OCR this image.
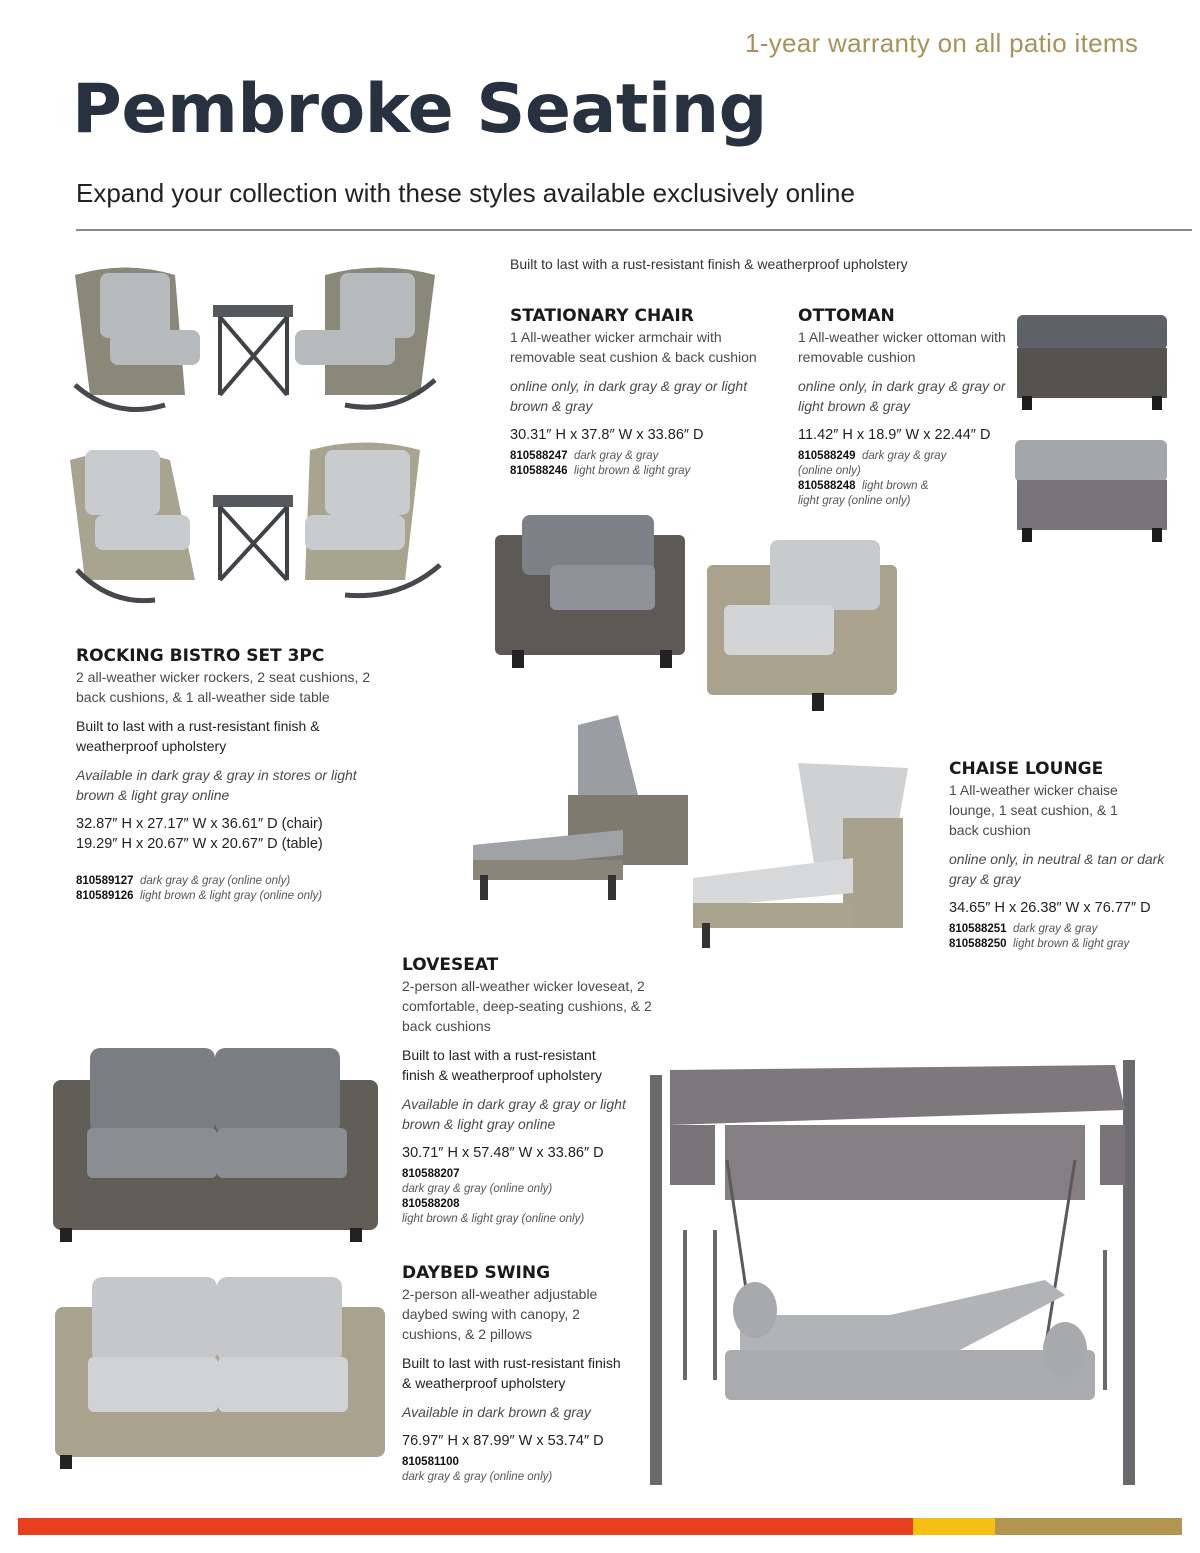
1-year warranty on all patio items
Pembroke Seating
Expand your collection with these styles available exclusively online
Built to last with a rust-resistant finish & weatherproof upholstery
ROCKING BISTRO SET 3PC

2 all-weather wicker rockers, 2 seat cushions, 2 back cushions, & 1 all-weather side table

Built to last with a rust-resistant finish & weatherproof upholstery

Available in dark gray & gray in stores or light brown & light gray online

32.87″ H x 27.17″ W x 36.61″ D (chair)

19.29″ H x 20.67″ W x 20.67″ D (table)

810589127 dark gray & gray (online only)
810589126 light brown & light gray (online only)
STATIONARY CHAIR

1 All-weather wicker armchair with removable seat cushion & back cushion

online only, in dark gray & gray or light brown & gray

30.31″ H x 37.8″ W x 33.86″ D

810588247 dark gray & gray
810588246 light brown & light gray
OTTOMAN

1 All-weather wicker ottoman with removable cushion

online only, in dark gray & gray or light brown & gray

11.42″ H x 18.9″ W x 22.44″ D

810588249 dark gray & gray (online only)
810588248 light brown & light gray (online only)
CHAISE LOUNGE

1 All-weather wicker chaise lounge, 1 seat cushion, & 1 back cushion

online only, in neutral & tan or dark gray & gray

34.65″ H x 26.38″ W x 76.77″ D

810588251 dark gray & gray
810588250 light brown & light gray
LOVESEAT

2-person all-weather wicker loveseat, 2 comfortable, deep-seating cushions, & 2 back cushions

Built to last with a rust-resistant finish & weatherproof upholstery

Available in dark gray & gray or light brown & light gray online

30.71″ H x 57.48″ W x 33.86″ D

810588207
dark gray & gray (online only)
810588208
light brown & light gray (online only)
DAYBED SWING

2-person all-weather adjustable daybed swing with canopy, 2 cushions, & 2 pillows

Built to last with rust-resistant finish & weatherproof upholstery

Available in dark brown & gray

76.97″ H x 87.99″ W x 53.74″ D

810581100
dark gray & gray (online only)
